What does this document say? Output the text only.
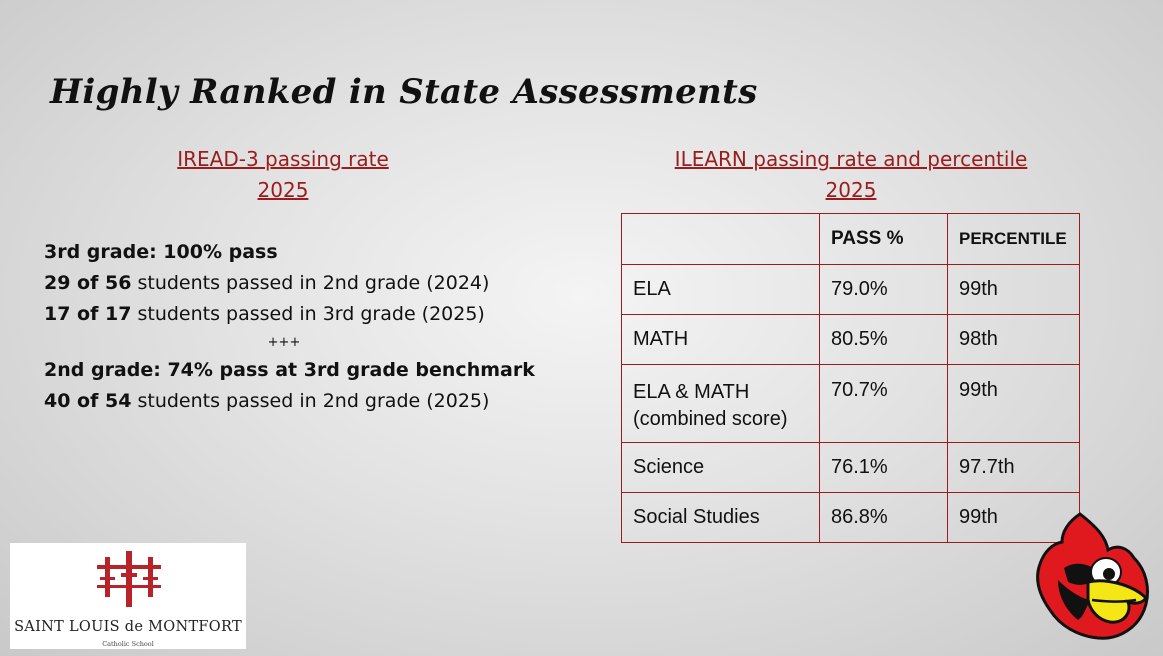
Highly Ranked in State Assessments
IREAD-3 passing rate
2025
ILEARN passing rate and percentile
2025
3rd grade: 100% pass
29 of 56 students passed in 2nd grade (2024)
17 of 17 students passed in 3rd grade (2025)
+++
2nd grade: 74% pass at 3rd grade benchmark
40 of 54 students passed in 2nd grade (2025)
	PASS %	PERCENTILE
ELA	79.0%	99th
MATH	80.5%	98th

ELA & MATH
(combined score)	70.7%	99th
Science	76.1%	97.7th
Social Studies	86.8%	99th
SAINT LOUIS de MONTFORT
Catholic School
